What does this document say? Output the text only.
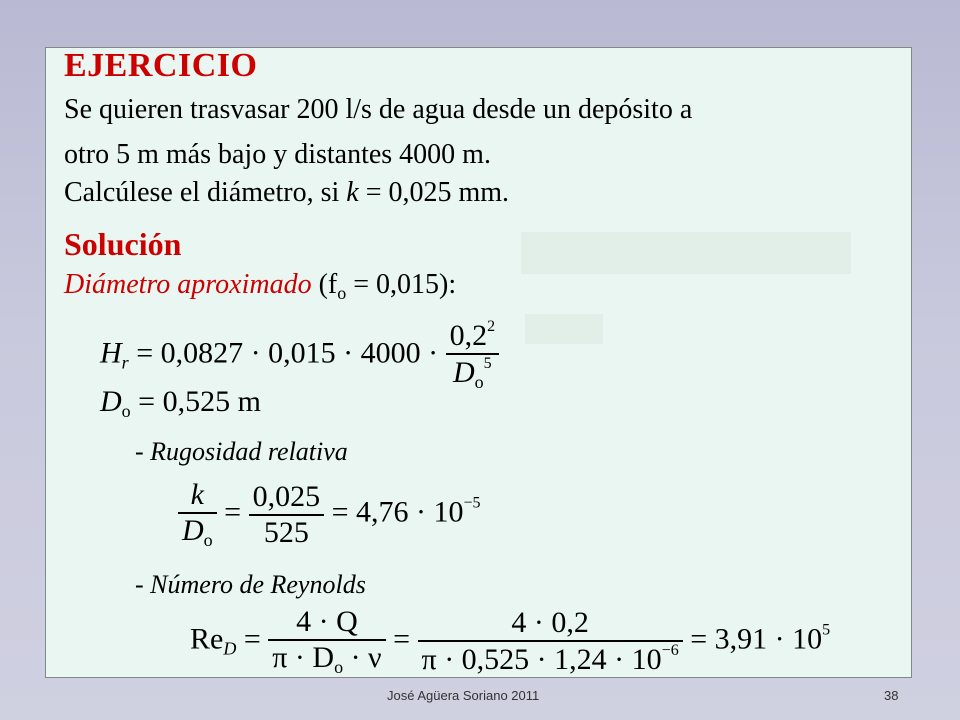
EJERCICIO
Se quieren trasvasar 200 l/s de agua desde un depósito a
otro 5 m más bajo y distantes 4000 m.
Calcúlese el diámetro, si k = 0,025 mm.
Solución
Diámetro aproximado $(f_o = 0,015)$:
$H_r = 0,0827 \cdot 0,015 \cdot 4000 \cdot \frac{0,2^2}{D_o^5}$
$D_o = 0,525$ m
- Rugosidad relativa
$\frac{k}{D_o} = \frac{0,025}{525} = 4,76 \cdot 10^{-5}$
- Número de Reynolds
$Re_D = \frac{4 \cdot Q}{\pi \cdot D_o \cdot \nu} = \frac{4 \cdot 0,2}{\pi \cdot 0,525 \cdot 1,24 \cdot 10^{-6}} = 3,91 \cdot 10^5$
José Agüera Soriano 2011	38
